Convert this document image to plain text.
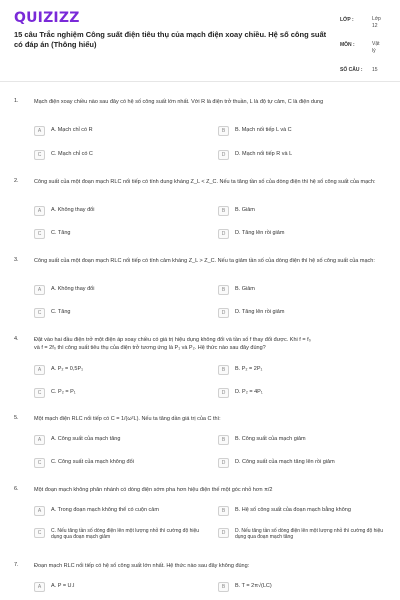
QUIZIZZ
15 câu Trắc nghiệm Công suất điện tiêu thụ của mạch điện xoay chiều. Hệ số công suất có đáp án (Thông hiểu)
LỚP :	Lớp
12
MÔN :	Vật
lý
SỐ CÂU : 15
1.	Mạch điện xoay chiều nào sau đây có hệ số công suất lớn nhất. Với R là điện trở thuần, L là độ tự cảm, C là điện dung
A	A. Mạch chỉ có R	B	B. Mạch nối tiếp L và C
C	C. Mạch chỉ có C	D	D. Mạch nối tiếp R và L
2.	Công suất của một đoạn mạch RLC nối tiếp có tính dung kháng Z_L < Z_C. Nếu ta tăng tần số của dòng điện thì hệ số công suất của mạch:
A	A. Không thay đổi	B	B. Giảm
C	C. Tăng	D	D. Tăng lên rồi giảm
3.	Công suất của một đoạn mạch RLC nối tiếp có tính cảm kháng Z_L > Z_C. Nếu ta giảm tần số của dòng điện thì hệ số công suất của mạch:
A	A. Không thay đổi	B	B. Giảm
C	C. Tăng	D	D. Tăng lên rồi giảm
4.	Đặt vào hai đầu điện trở một điện áp xoay chiều có giá trị hiệu dụng không đổi và tần số f thay đổi được. Khi f = f₀
và f = 2f₀ thì công suất tiêu thụ của điện trở tương ứng là P₁ và P₂. Hệ thức nào sau đây đúng?
A	A. P₂ = 0,5P₁	B	B. P₂ = 2P₁
C	C. P₂ = P₁	D	D. P₂ = 4P₁
5.	Một mạch điện RLC nối tiếp có C = 1/(ω²L). Nếu ta tăng dần giá trị của C thì:
A	A. Công suất của mạch tăng	B	B. Công suất của mạch giảm
C	C. Công suất của mạch không đổi	D	D. Công suất của mạch tăng lên rồi giảm
6.	Một đoạn mạch không phân nhánh có dòng điện sớm pha hơn hiệu điện thế một góc nhỏ hơn π/2
A	A. Trong đoạn mạch không thể có cuộn cảm	B	B. Hệ số công suất của đoạn mạch bằng không
C	C. Nếu tăng tần số dòng điện lên một lượng nhỏ thì cường độ hiệu dụng qua đoạn mạch giảm
D	D. Nếu tăng tần số dòng điện lên một lượng nhỏ thì cường độ hiệu dụng qua đoạn mạch tăng
7.	Đoạn mạch RLC nối tiếp có hệ số công suất lớn nhất. Hệ thức nào sau đây không đúng:
A	A. P = U.I	B	B. T = 2π√(LC)
